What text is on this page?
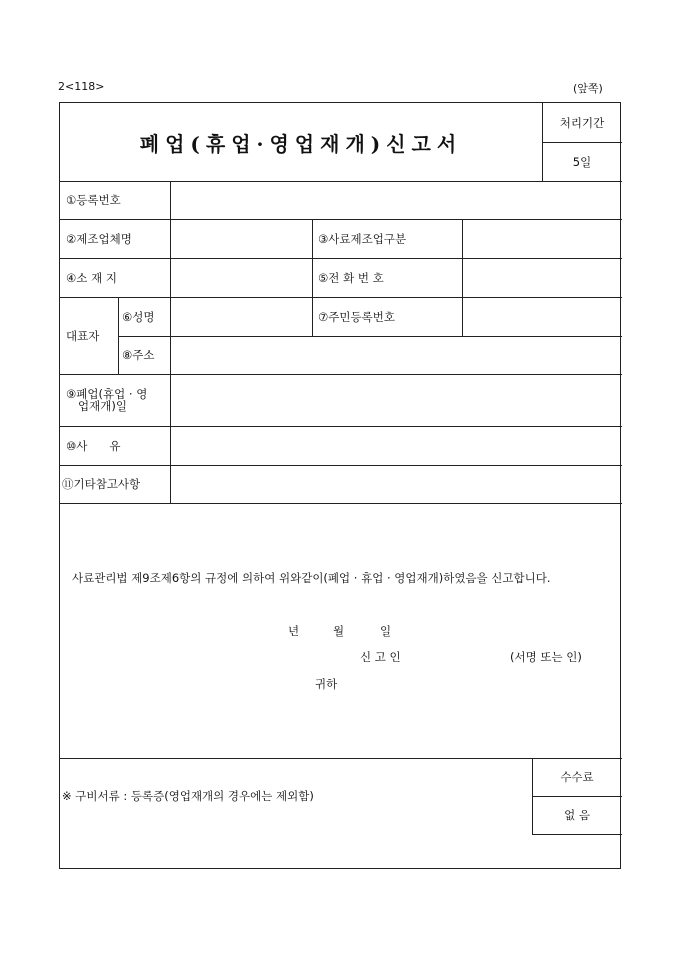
2<118>	(앞쪽)
폐업(휴업·영업재개)신고서
처리기간
5일
①등록번호
②제조업체명	③사료제조업구분
④소 재 지	⑤전 화 번 호
대표자
⑥성명	⑦주민등록번호
⑧주소
⑨폐업(휴업 · 영
업재개)일
⑩사      유
⑪기타참고사항
사료관리법 제9조제6항의 규정에 의하여 위와같이(폐업 · 휴업 · 영업재개)하였음을 신고합니다.
년	월	일
신 고 인	(서명 또는 인)
귀하
※ 구비서류 : 등록증(영업재개의 경우에는 제외함)
수수료
없 음
